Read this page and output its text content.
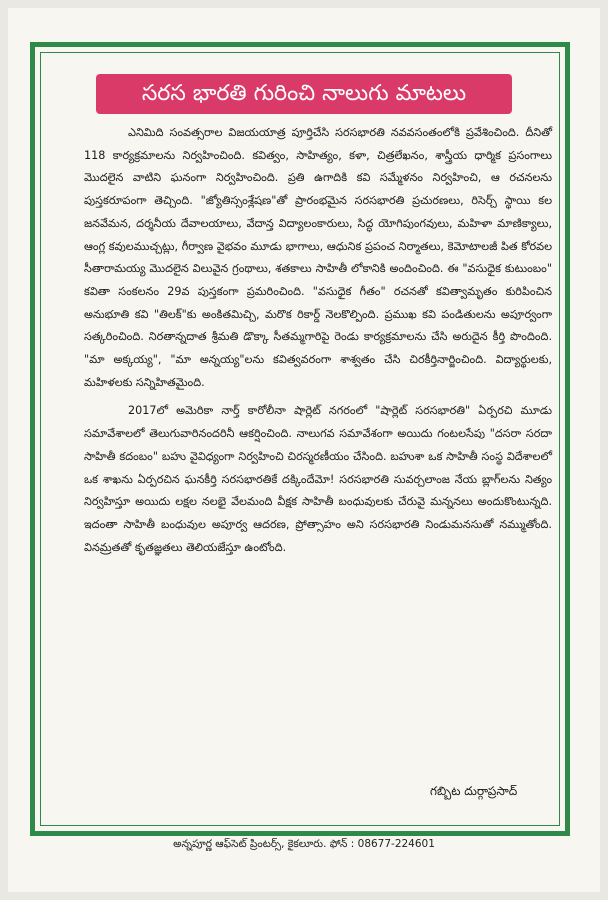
సరస భారతి గురించి నాలుగు మాటలు

ఎనిమిది సంవత్సరాల విజయయాత్ర పూర్తిచేసి సరసభారతి నవవసంతంలోకి ప్రవేశించింది. దీనితో 118 కార్యక్రమాలను నిర్వహించింది. కవిత్వం, సాహిత్యం, కళా, చిత్రలేఖనం, శాస్త్రీయ ధార్మిక ప్రసంగాలు మొదలైన వాటిని ఘనంగా నిర్వహించింది. ప్రతి ఉగాదికి కవి సమ్మేళనం నిర్వహించి, ఆ రచనలను పుస్తకరూపంగా తెచ్చింది. "జ్యోతిస్సంశ్లేషణ"తో ప్రారంభమైన సరసభారతి ప్రచురణలు, రిసెర్చ్ స్థాయి కల జనవేమన, దర్శనీయ దేవాలయాలు, వేదాన్త విద్యాలంకారులు, సిద్ధ యోగిపుంగవులు, మహిళా మాణిక్యాలు, ఆంగ్ల కవులముచ్చట్లు, గీర్వాణ వైభవం మూడు భాగాలు, ఆధునిక ప్రపంచ నిర్మాతలు, కెమోటాలజీ పిత కోరవల సీతారామయ్య మొదలైన విలువైన గ్రంథాలు, శతకాలు సాహితీ లోకానికి అందించింది. ఈ "వసుధైక కుటుంబం" కవితా సంకలనం 29వ పుస్తకంగా ప్రమరించింది. "వసుధైక గీతం" రచనతో కవిత్వామృతం కురిపించిన అనుభూతి కవి "తిలక్"కు అంకితమిచ్చి, మరొక రికార్డ్ నెలకొల్పింది. ప్రముఖ కవి పండితులను అపూర్వంగా సత్కరించింది. నిరతాన్నదాత శ్రీమతి డొక్కా సీతమ్మగారిపై రెండు కార్యక్రమాలను చేసి అరుదైన కీర్తి పొందింది. "మా అక్కయ్య", "మా అన్నయ్య"లను కవిత్వవరంగా శాశ్వతం చేసి చిరకీర్తినార్జించింది. విద్యార్థులకు, మహిళలకు సన్నిహితమైంది.

2017లో అమెరికా నార్త్ కారోలీనా షార్లెట్ నగరంలో "షార్లెట్ సరసభారతి" ఏర్పరచి మూడు సమావేశాలలో తెలుగువారినందరినీ ఆకర్షించింది. నాలుగవ సమావేశంగా అయిదు గంటలసేపు "దసరా సరదా సాహితీ కదంబం" బహు వైవిధ్యంగా నిర్వహించి చిరస్మరణీయం చేసింది. బహుశా ఒక సాహితీ సంస్థ విదేశాలలో ఒక శాఖను ఏర్పరచిన ఘనకీర్తి సరసభారతికే దక్కిందేమో! సరసభారతి సువర్చలాంజ నేయ బ్లాగ్‌లను నిత్యం నిర్వహిస్తూ అయిదు లక్షల నలభై వేలమంది వీక్షక సాహితీ బంధువులకు చేరువై మన్ననలు అందుకొంటున్నది. ఇదంతా సాహితీ బంధువుల అపూర్వ ఆదరణ, ప్రోత్సాహం అని సరసభారతి నిండుమనసుతో నమ్ముతోంది. వినమ్రతతో కృతజ్ఞతలు తెలియజేస్తూ ఉంటోంది.

గబ్బిట దుర్గాప్రసాద్
అన్నపూర్ణ ఆఫ్‌సెట్ ప్రింటర్స్, కైకలూరు. ఫోన్ : 08677-224601
